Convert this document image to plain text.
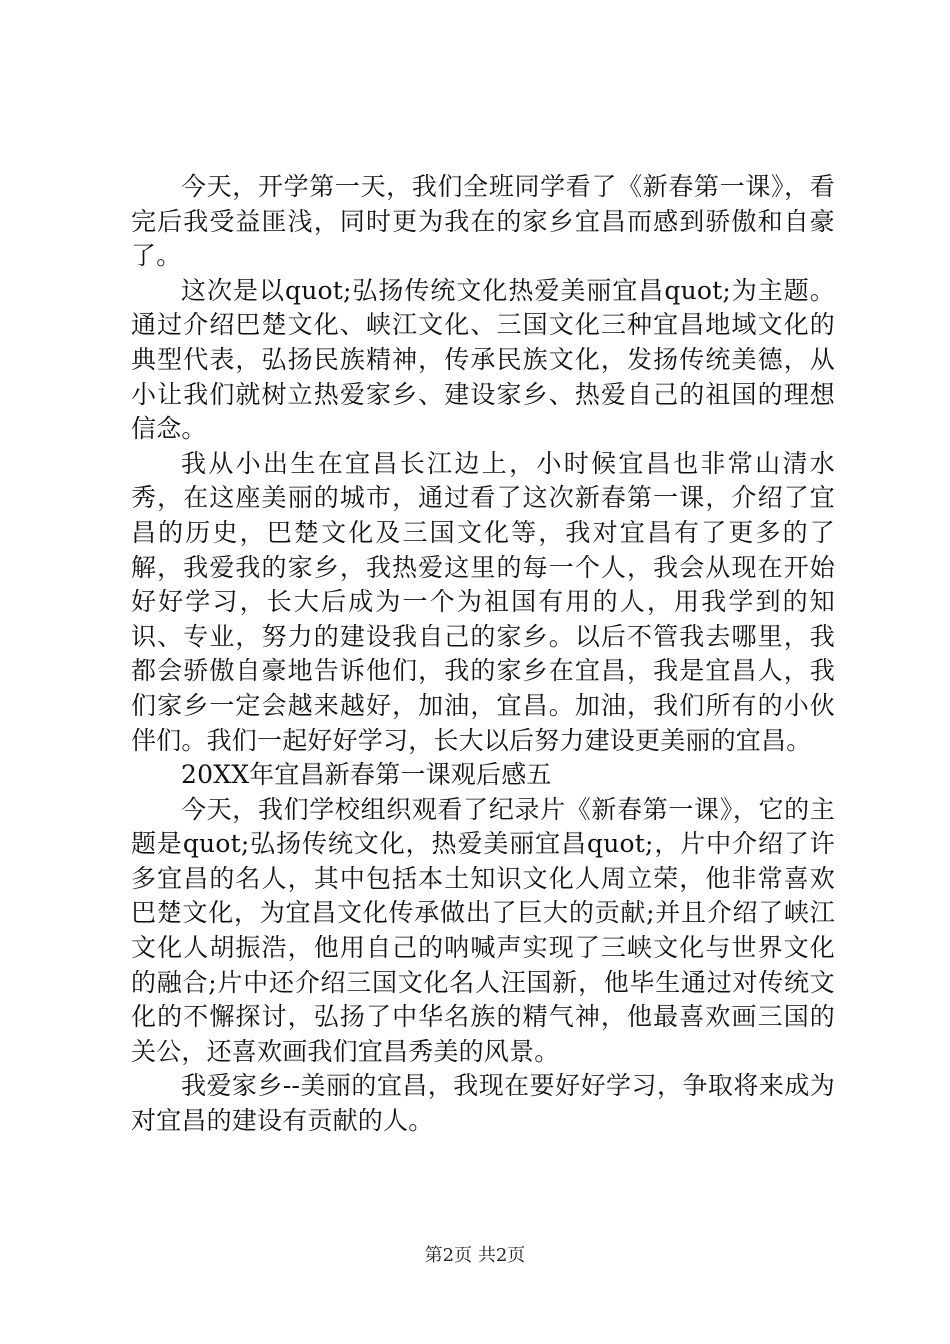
今天，开学第一天，我们全班同学看了《新春第一课》，看完后我受益匪浅，同时更为我在的家乡宜昌而感到骄傲和自豪了。

这次是以quot;弘扬传统文化热爱美丽宜昌quot;为主题。通过介绍巴楚文化、峡江文化、三国文化三种宜昌地域文化的典型代表，弘扬民族精神，传承民族文化，发扬传统美德，从小让我们就树立热爱家乡、建设家乡、热爱自己的祖国的理想信念。

我从小出生在宜昌长江边上，小时候宜昌也非常山清水秀，在这座美丽的城市，通过看了这次新春第一课，介绍了宜昌的历史，巴楚文化及三国文化等，我对宜昌有了更多的了解，我爱我的家乡，我热爱这里的每一个人，我会从现在开始好好学习，长大后成为一个为祖国有用的人，用我学到的知识、专业，努力的建设我自己的家乡。以后不管我去哪里，我都会骄傲自豪地告诉他们，我的家乡在宜昌，我是宜昌人，我们家乡一定会越来越好，加油，宜昌。加油，我们所有的小伙伴们。我们一起好好学习，长大以后努力建设更美丽的宜昌。

20XX年宜昌新春第一课观后感五

今天，我们学校组织观看了纪录片《新春第一课》，它的主题是quot;弘扬传统文化，热爱美丽宜昌quot;，片中介绍了许多宜昌的名人，其中包括本土知识文化人周立荣，他非常喜欢巴楚文化，为宜昌文化传承做出了巨大的贡献;并且介绍了峡江文化人胡振浩，他用自己的呐喊声实现了三峡文化与世界文化的融合;片中还介绍三国文化名人汪国新，他毕生通过对传统文化的不懈探讨，弘扬了中华名族的精气神，他最喜欢画三国的关公，还喜欢画我们宜昌秀美的风景。

我爱家乡--美丽的宜昌，我现在要好好学习，争取将来成为对宜昌的建设有贡献的人。

第2页 共2页
